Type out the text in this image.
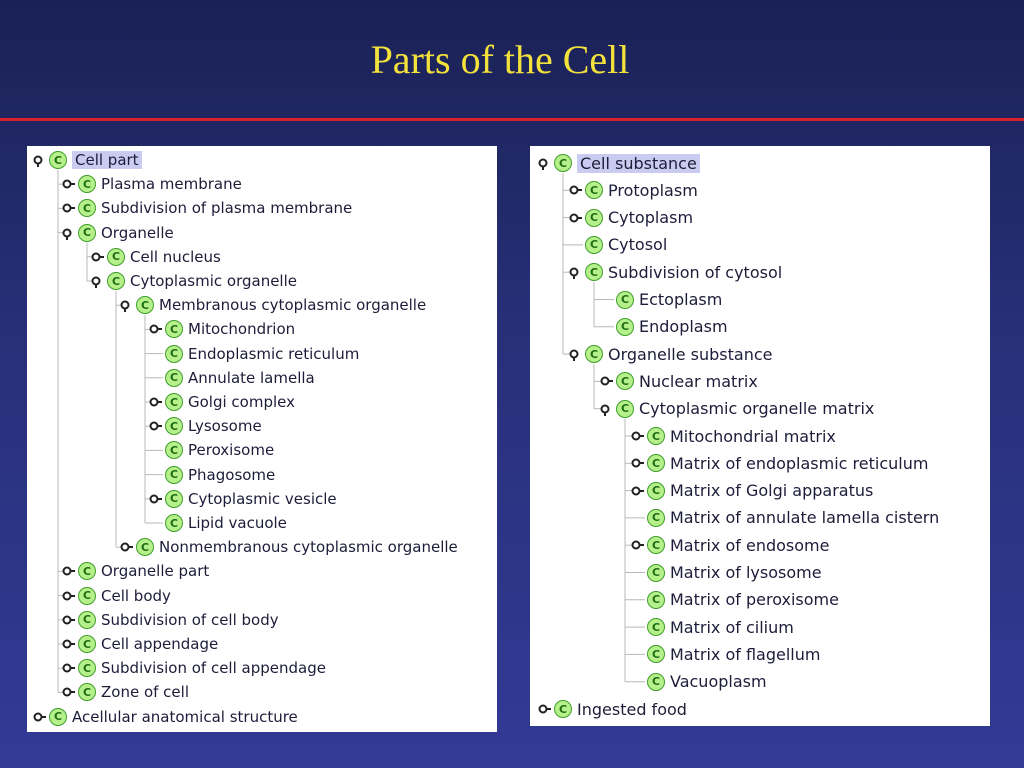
Parts of the Cell
C Cell part
C Plasma membrane
C Subdivision of plasma membrane
C Organelle
C Cell nucleus
C Cytoplasmic organelle
C Membranous cytoplasmic organelle
C Mitochondrion
C Endoplasmic reticulum
C Annulate lamella
C Golgi complex
C Lysosome
C Peroxisome
C Phagosome
C Cytoplasmic vesicle
C Lipid vacuole
C Nonmembranous cytoplasmic organelle
C Organelle part
C Cell body
C Subdivision of cell body
C Cell appendage
C Subdivision of cell appendage
C Zone of cell
C Acellular anatomical structure
C Cell substance
C Protoplasm
C Cytoplasm
C Cytosol
C Subdivision of cytosol
C Ectoplasm
C Endoplasm
C Organelle substance
C Nuclear matrix
C Cytoplasmic organelle matrix
C Mitochondrial matrix
C Matrix of endoplasmic reticulum
C Matrix of Golgi apparatus
C Matrix of annulate lamella cistern
C Matrix of endosome
C Matrix of lysosome
C Matrix of peroxisome
C Matrix of cilium
C Matrix of flagellum
C Vacuoplasm
C Ingested food
